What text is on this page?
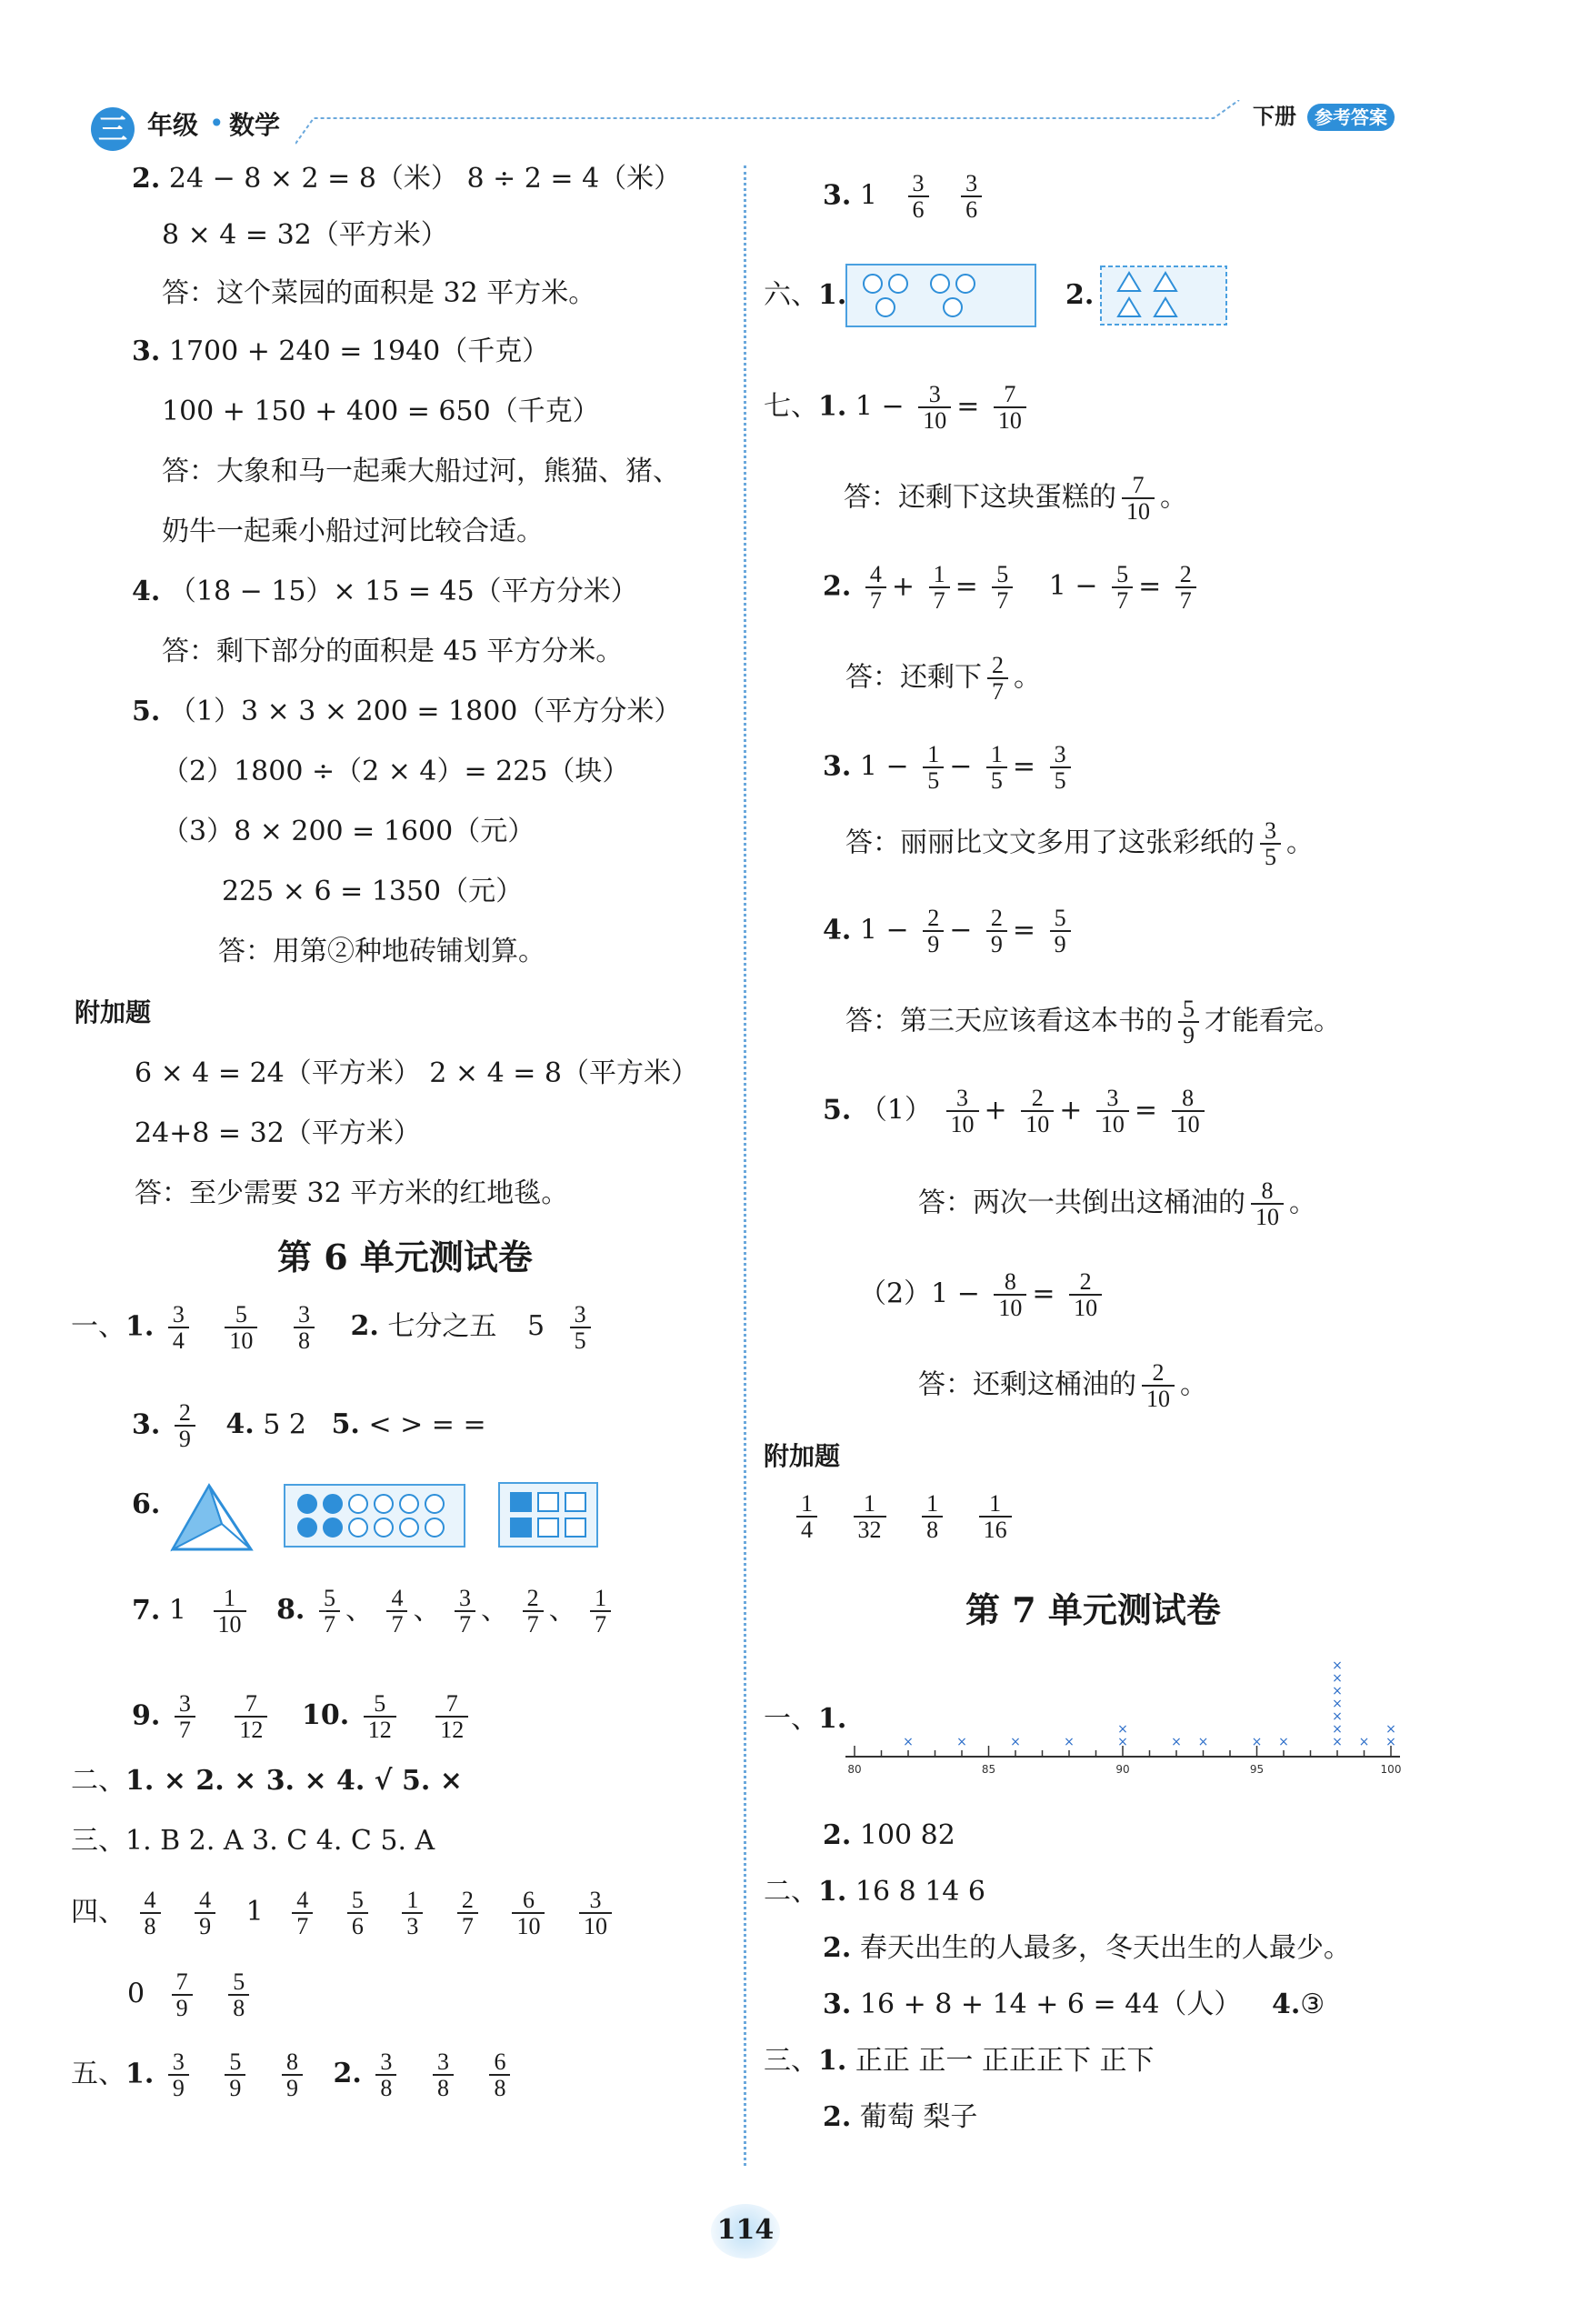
三 年级 • 数学	下册	参考答案
2. 24 − 8 × 2 = 8（米） 8 ÷ 2 = 4（米）
8 × 4 = 32（平方米）
答：这个菜园的面积是 32 平方米。
3. 1700 + 240 = 1940（千克）
100 + 150 + 400 = 650（千克）
答：大象和马一起乘大船过河，熊猫、猪、
奶牛一起乘小船过河比较合适。
4. （18 − 15）× 15 = 45（平方分米）
答：剩下部分的面积是 45 平方分米。
5. （1）3 × 3 × 200 = 1800（平方分米）
（2）1800 ÷（2 × 4）= 225（块）
（3）8 × 200 = 1600（元）
225 × 6 = 1350（元）
答：用第②种地砖铺划算。
附加题
6 × 4 = 24（平方米） 2 × 4 = 8（平方米）
24+8 = 32（平方米）
答：至少需要 32 平方米的红地毯。
第 6 单元测试卷
一、1. $\frac{3}{4}$
$\frac{5}{10}$
$\frac{3}{8} 2$. 七分之五 $5 \frac{3}{5}$
3. $\frac{2}{9} 4$. 5 2 5. < > = =
6.
7. $1 \frac{1}{10} 8$. $\frac{5}{7}$ 、 $\frac{4}{7}$ 、 $\frac{3}{7}$ 、 $\frac{2}{7}$ 、 $\frac{1}{7}$
9. $\frac{3}{7}$
$\frac{7}{12} 10$. $\frac{5}{12}$
$\frac{7}{12}$
二、1. × 2. × 3. × 4. √ 5. ×
三、1. B 2. A 3. C 4. C 5. A
四、 $\frac{4}{8}$
$\frac{4}{9} 1 \frac{4}{7}$
$\frac{5}{6}$
$\frac{1}{3}$
$\frac{2}{7}$
$\frac{6}{10}$
$\frac{3}{10}$
$0 \frac{7}{9}$
$\frac{5}{8}$
五、1. $\frac{3}{9}$
$\frac{5}{9}$
$\frac{8}{9} 2$. $\frac{3}{8}$
$\frac{3}{8}$
$\frac{6}{8}$
3. $1 \frac{3}{6}$
$\frac{3}{6}$
六、1.	2.
七、1. $1 - \frac{3}{10} = \frac{7}{10}$
答：还剩下这块蛋糕的 $\frac{7}{10}$ 。
2. $\frac{4}{7} + \frac{1}{7} = \frac{5}{7} 1 - \frac{5}{7} = \frac{2}{7}$
答：还剩下 $\frac{2}{7}$ 。
3. $1 - \frac{1}{5} - \frac{1}{5} = \frac{3}{5}$
答：丽丽比文文多用了这张彩纸的 $\frac{3}{5}$ 。
4. $1 - \frac{2}{9} - \frac{2}{9} = \frac{5}{9}$
答：第三天应该看这本书的 $\frac{5}{9}$ 才能看完。
5. $(1) \frac{3}{10} + \frac{2}{10} + \frac{3}{10} = \frac{8}{10}$
答：两次一共倒出这桶油的 $\frac{8}{10}$ 。
$(2)1 - \frac{8}{10} = \frac{2}{10}$
答：还剩这桶油的 $\frac{2}{10}$ 。
附加题
$\frac{1}{4}$
$\frac{1}{32}$
$\frac{1}{8}$
$\frac{1}{16}$
第 7 单元测试卷
一、1.
80	85	90	95	100
×	×	×	×	×
×
× ×	× ×	×
×
×
×
×
×
×
× ×
×
2. 100 82
二、1. 16 8 14 6
2. 春天出生的人最多，冬天出生的人最少。
3. 16 + 8 + 14 + 6 = 44（人） 4.③
三、1. 正正 正一 正正正下 正下
2. 葡萄 梨子
114
